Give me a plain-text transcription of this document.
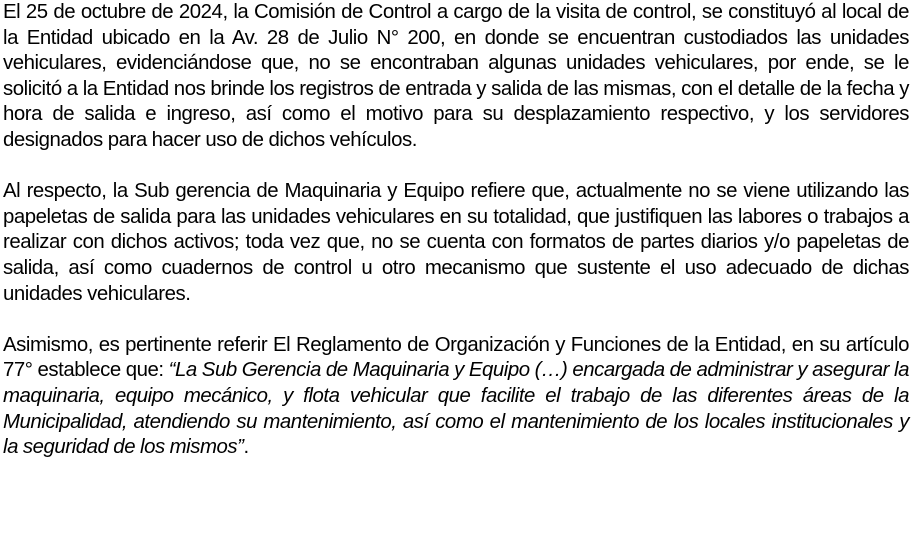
El 25 de octubre de 2024, la Comisión de Control a cargo de la visita de control, se constituyó al local de la Entidad ubicado en la Av. 28 de Julio N° 200, en donde se encuentran custodiados las unidades vehiculares, evidenciándose que, no se encontraban algunas unidades vehiculares, por ende, se le solicitó a la Entidad nos brinde los registros de entrada y salida de las mismas, con el detalle de la fecha y hora de salida e ingreso, así como el motivo para su desplazamiento respectivo, y los servidores designados para hacer uso de dichos vehículos.

Al respecto, la Sub gerencia de Maquinaria y Equipo refiere que, actualmente no se viene utilizando las papeletas de salida para las unidades vehiculares en su totalidad, que justifiquen las labores o trabajos a realizar con dichos activos; toda vez que, no se cuenta con formatos de partes diarios y/o papeletas de salida, así como cuadernos de control u otro mecanismo que sustente el uso adecuado de dichas unidades vehiculares.

Asimismo, es pertinente referir El Reglamento de Organización y Funciones de la Entidad, en su artículo 77° establece que: “La Sub Gerencia de Maquinaria y Equipo (…) encargada de administrar y asegurar la maquinaria, equipo mecánico, y flota vehicular que facilite el trabajo de las diferentes áreas de la Municipalidad, atendiendo su mantenimiento, así como el mantenimiento de los locales institucionales y la seguridad de los mismos”.
